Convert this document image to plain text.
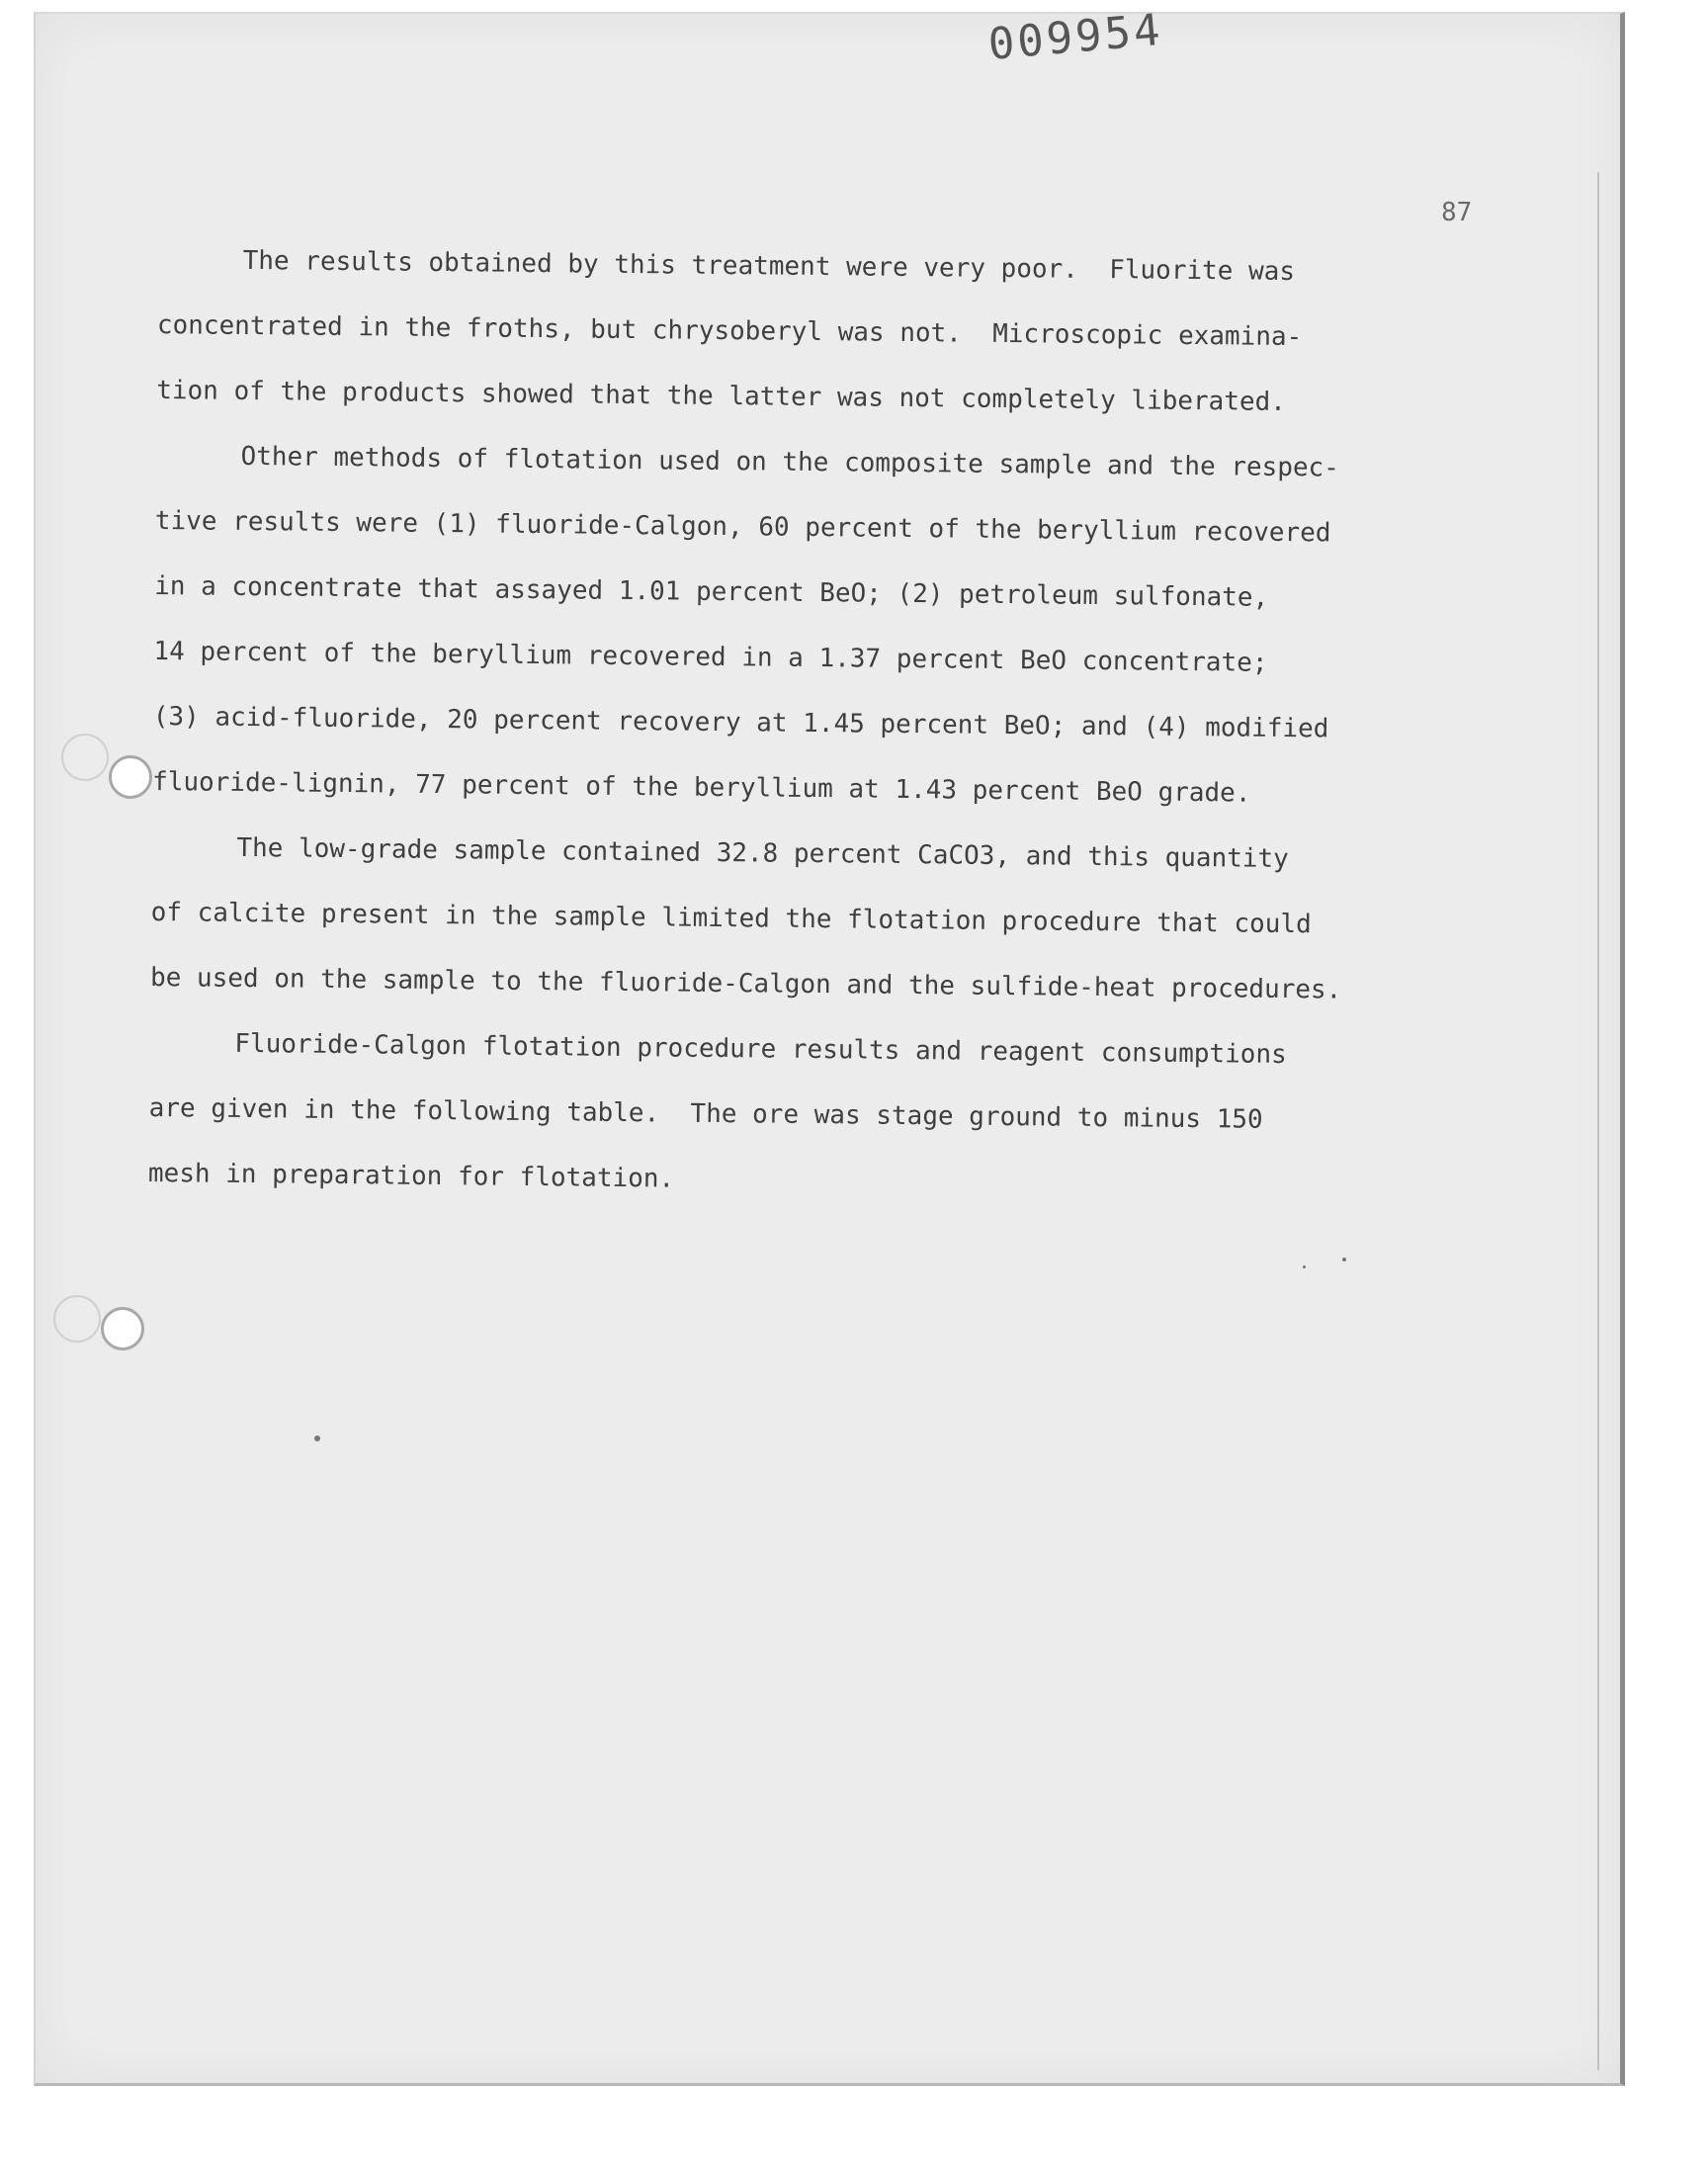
009954
87
The results obtained by this treatment were very poor.  Fluorite was
concentrated in the froths, but chrysoberyl was not.  Microscopic examina-
tion of the products showed that the latter was not completely liberated.
Other methods of flotation used on the composite sample and the respec-
tive results were (1) fluoride-Calgon, 60 percent of the beryllium recovered
in a concentrate that assayed 1.01 percent BeO; (2) petroleum sulfonate,
14 percent of the beryllium recovered in a 1.37 percent BeO concentrate;
(3) acid-fluoride, 20 percent recovery at 1.45 percent BeO; and (4) modified
fluoride-lignin, 77 percent of the beryllium at 1.43 percent BeO grade.
The low-grade sample contained 32.8 percent CaCO3, and this quantity
of calcite present in the sample limited the flotation procedure that could
be used on the sample to the fluoride-Calgon and the sulfide-heat procedures.
Fluoride-Calgon flotation procedure results and reagent consumptions
are given in the following table.  The ore was stage ground to minus 150
mesh in preparation for flotation.
